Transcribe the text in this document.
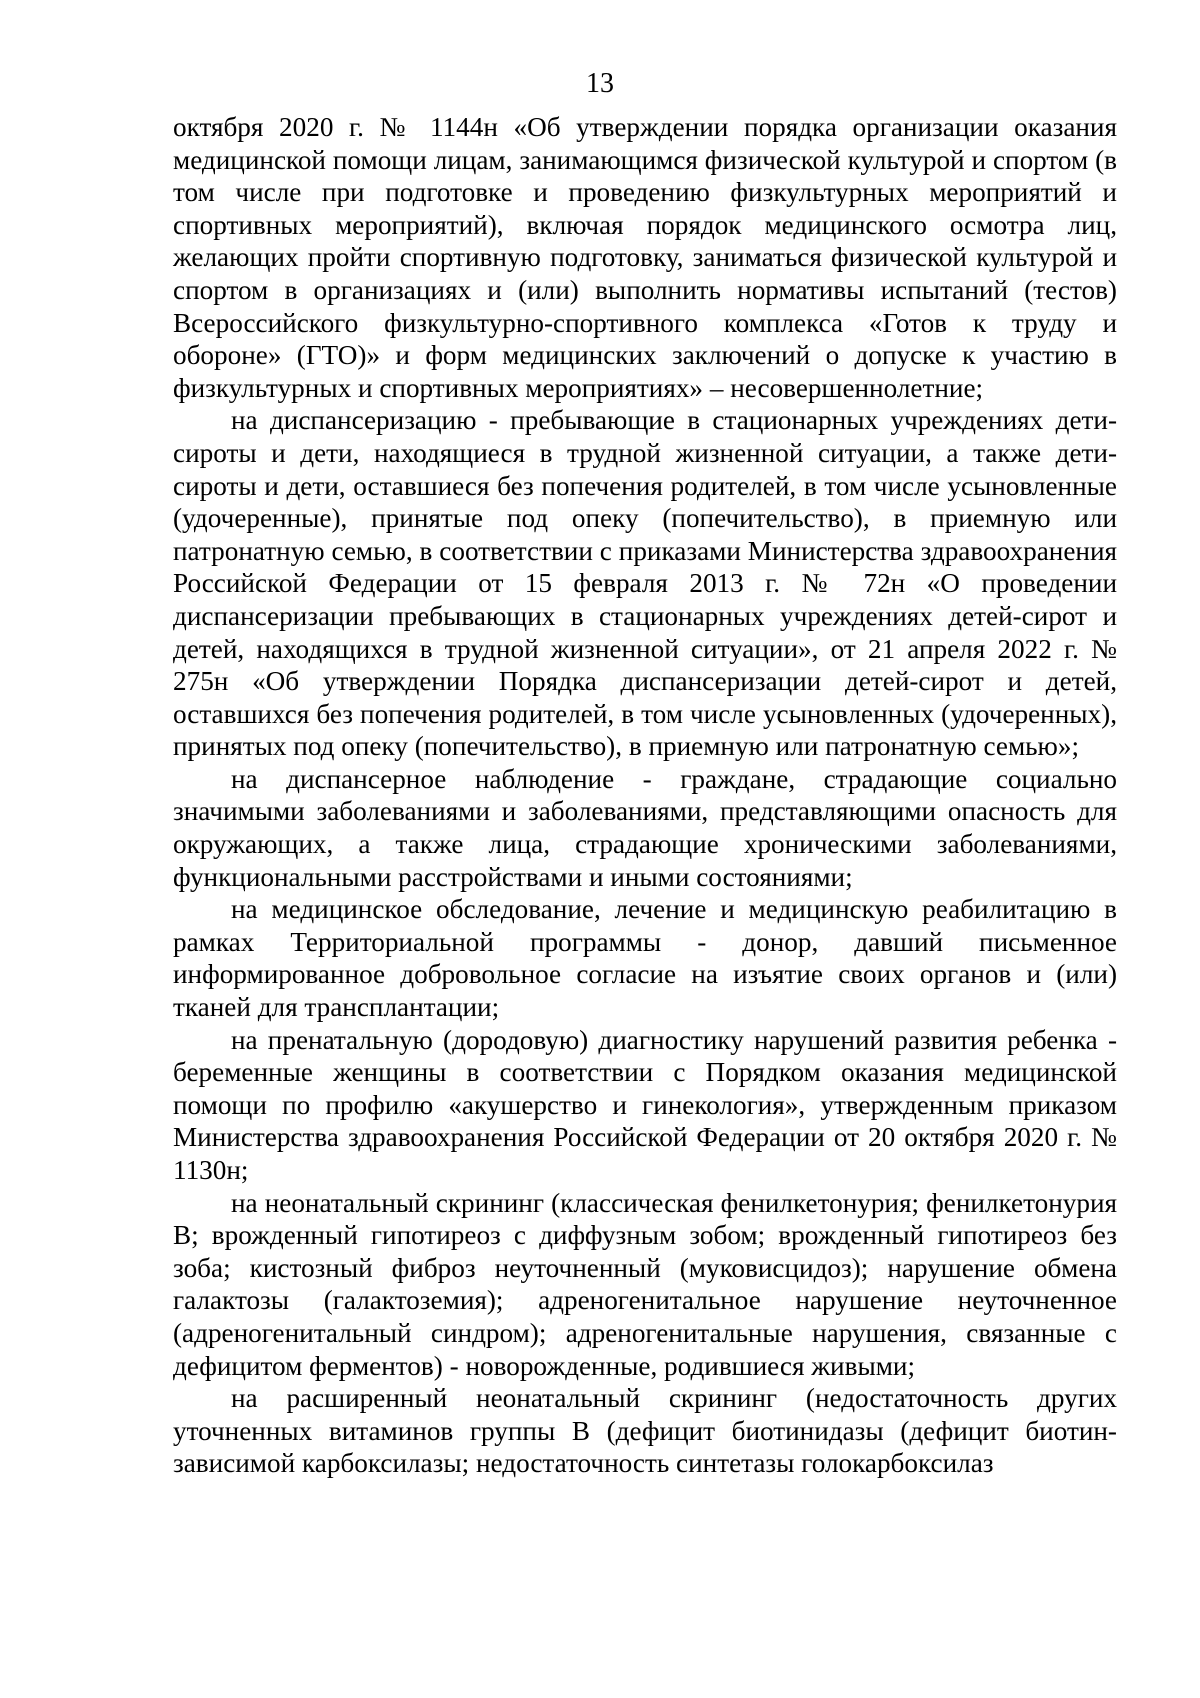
13

октября 2020 г. № 1144н «Об утверждении порядка организации оказания медицинской помощи лицам, занимающимся физической культурой и спортом (в том числе при подготовке и проведению физкультурных мероприятий и спортивных мероприятий), включая порядок медицинского осмотра лиц, желающих пройти спортивную подготовку, заниматься физической культурой и спортом в организациях и (или) выполнить нормативы испытаний (тестов) Всероссийского физкультурно-спортивного комплекса «Готов к труду и обороне» (ГТО)» и форм медицинских заключений о допуске к участию в физкультурных и спортивных мероприятиях» – несовершеннолетние;

на диспансеризацию - пребывающие в стационарных учреждениях дети-сироты и дети, находящиеся в трудной жизненной ситуации, а также дети-сироты и дети, оставшиеся без попечения родителей, в том числе усыновленные (удочеренные), принятые под опеку (попечительство), в приемную или патронатную семью, в соответствии с приказами Министерства здравоохранения Российской Федерации от 15 февраля 2013 г. № 72н «О проведении диспансеризации пребывающих в стационарных учреждениях детей-сирот и детей, находящихся в трудной жизненной ситуации», от 21 апреля 2022 г. № 275н «Об утверждении Порядка диспансеризации детей-сирот и детей, оставшихся без попечения родителей, в том числе усыновленных (удочеренных), принятых под опеку (попечительство), в приемную или патронатную семью»;

на диспансерное наблюдение - граждане, страдающие социально значимыми заболеваниями и заболеваниями, представляющими опасность для окружающих, а также лица, страдающие хроническими заболеваниями, функциональными расстройствами и иными состояниями;

на медицинское обследование, лечение и медицинскую реабилитацию в рамках Территориальной программы - донор, давший письменное информированное добровольное согласие на изъятие своих органов и (или) тканей для трансплантации;

на пренатальную (дородовую) диагностику нарушений развития ребенка - беременные женщины в соответствии с Порядком оказания медицинской помощи по профилю «акушерство и гинекология», утвержденным приказом Министерства здравоохранения Российской Федерации от 20 октября 2020 г. № 1130н;

на неонатальный скрининг (классическая фенилкетонурия; фенилкетонурия В; врожденный гипотиреоз с диффузным зобом; врожденный гипотиреоз без зоба; кистозный фиброз неуточненный (муковисцидоз); нарушение обмена галактозы (галактоземия); адреногенитальное нарушение неуточненное (адреногенитальный синдром); адреногенитальные нарушения, связанные с дефицитом ферментов) - новорожденные, родившиеся живыми;

на расширенный неонатальный скрининг (недостаточность других уточненных витаминов группы В (дефицит биотинидазы (дефицит биотин-зависимой карбоксилазы; недостаточность синтетазы голокарбоксилаз
